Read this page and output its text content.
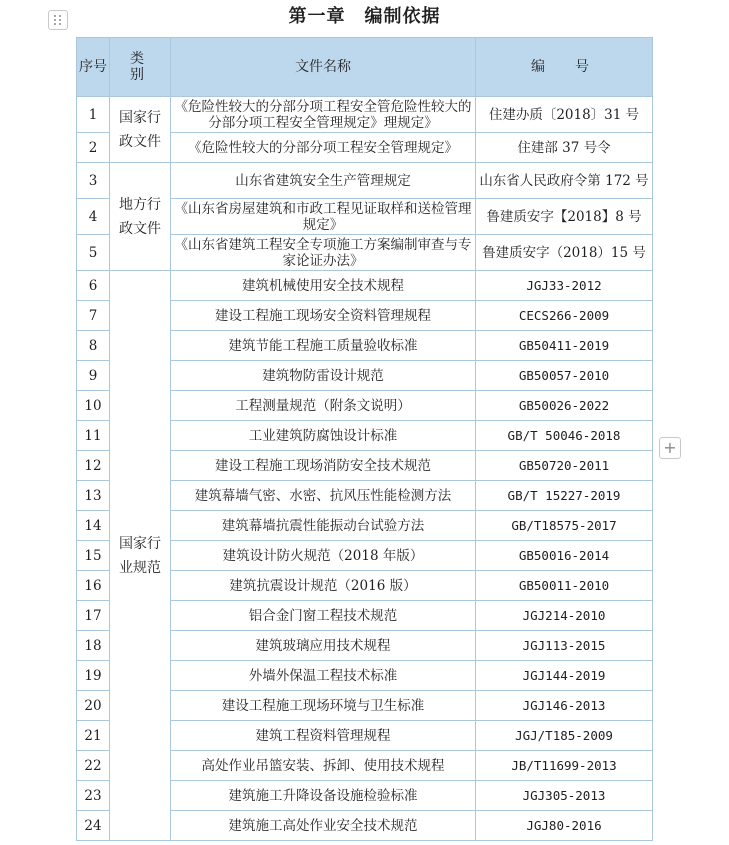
第一章　编制依据
序号	类　别	文件名称	编　号
1	国家行政文件	《危险性较大的分部分项工程安全管危险性较大的分部分项工程安全管理规定》理规定》	住建办质〔2018〕31 号
2		《危险性较大的分部分项工程安全管理规定》	住建部 37 号令
3	地方行政文件	山东省建筑安全生产管理规定	山东省人民政府令第 172 号
4		《山东省房屋建筑和市政工程见证取样和送检管理规定》	鲁建质安字【2018】8 号
5		《山东省建筑工程安全专项施工方案编制审查与专家论证办法》	鲁建质安字（2018）15 号
6	国家行业规范	建筑机械使用安全技术规程	JGJ33-2012
7		建设工程施工现场安全资料管理规程	CECS266-2009
8		建筑节能工程施工质量验收标准	GB50411-2019
9		建筑物防雷设计规范	GB50057-2010
10		工程测量规范（附条文说明）	GB50026-2022
11		工业建筑防腐蚀设计标准	GB/T 50046-2018
12		建设工程施工现场消防安全技术规范	GB50720-2011
13		建筑幕墙气密、水密、抗风压性能检测方法	GB/T 15227-2019
14		建筑幕墙抗震性能振动台试验方法	GB/T18575-2017
15		建筑设计防火规范（2018 年版）	GB50016-2014
16		建筑抗震设计规范（2016 版）	GB50011-2010
17		铝合金门窗工程技术规范	JGJ214-2010
18		建筑玻璃应用技术规程	JGJ113-2015
19		外墙外保温工程技术标准	JGJ144-2019
20		建设工程施工现场环境与卫生标准	JGJ146-2013
21		建筑工程资料管理规程	JGJ/T185-2009
22		高处作业吊篮安装、拆卸、使用技术规程	JB/T11699-2013
23		建筑施工升降设备设施检验标准	JGJ305-2013
24		建筑施工高处作业安全技术规范	JGJ80-2016
+
